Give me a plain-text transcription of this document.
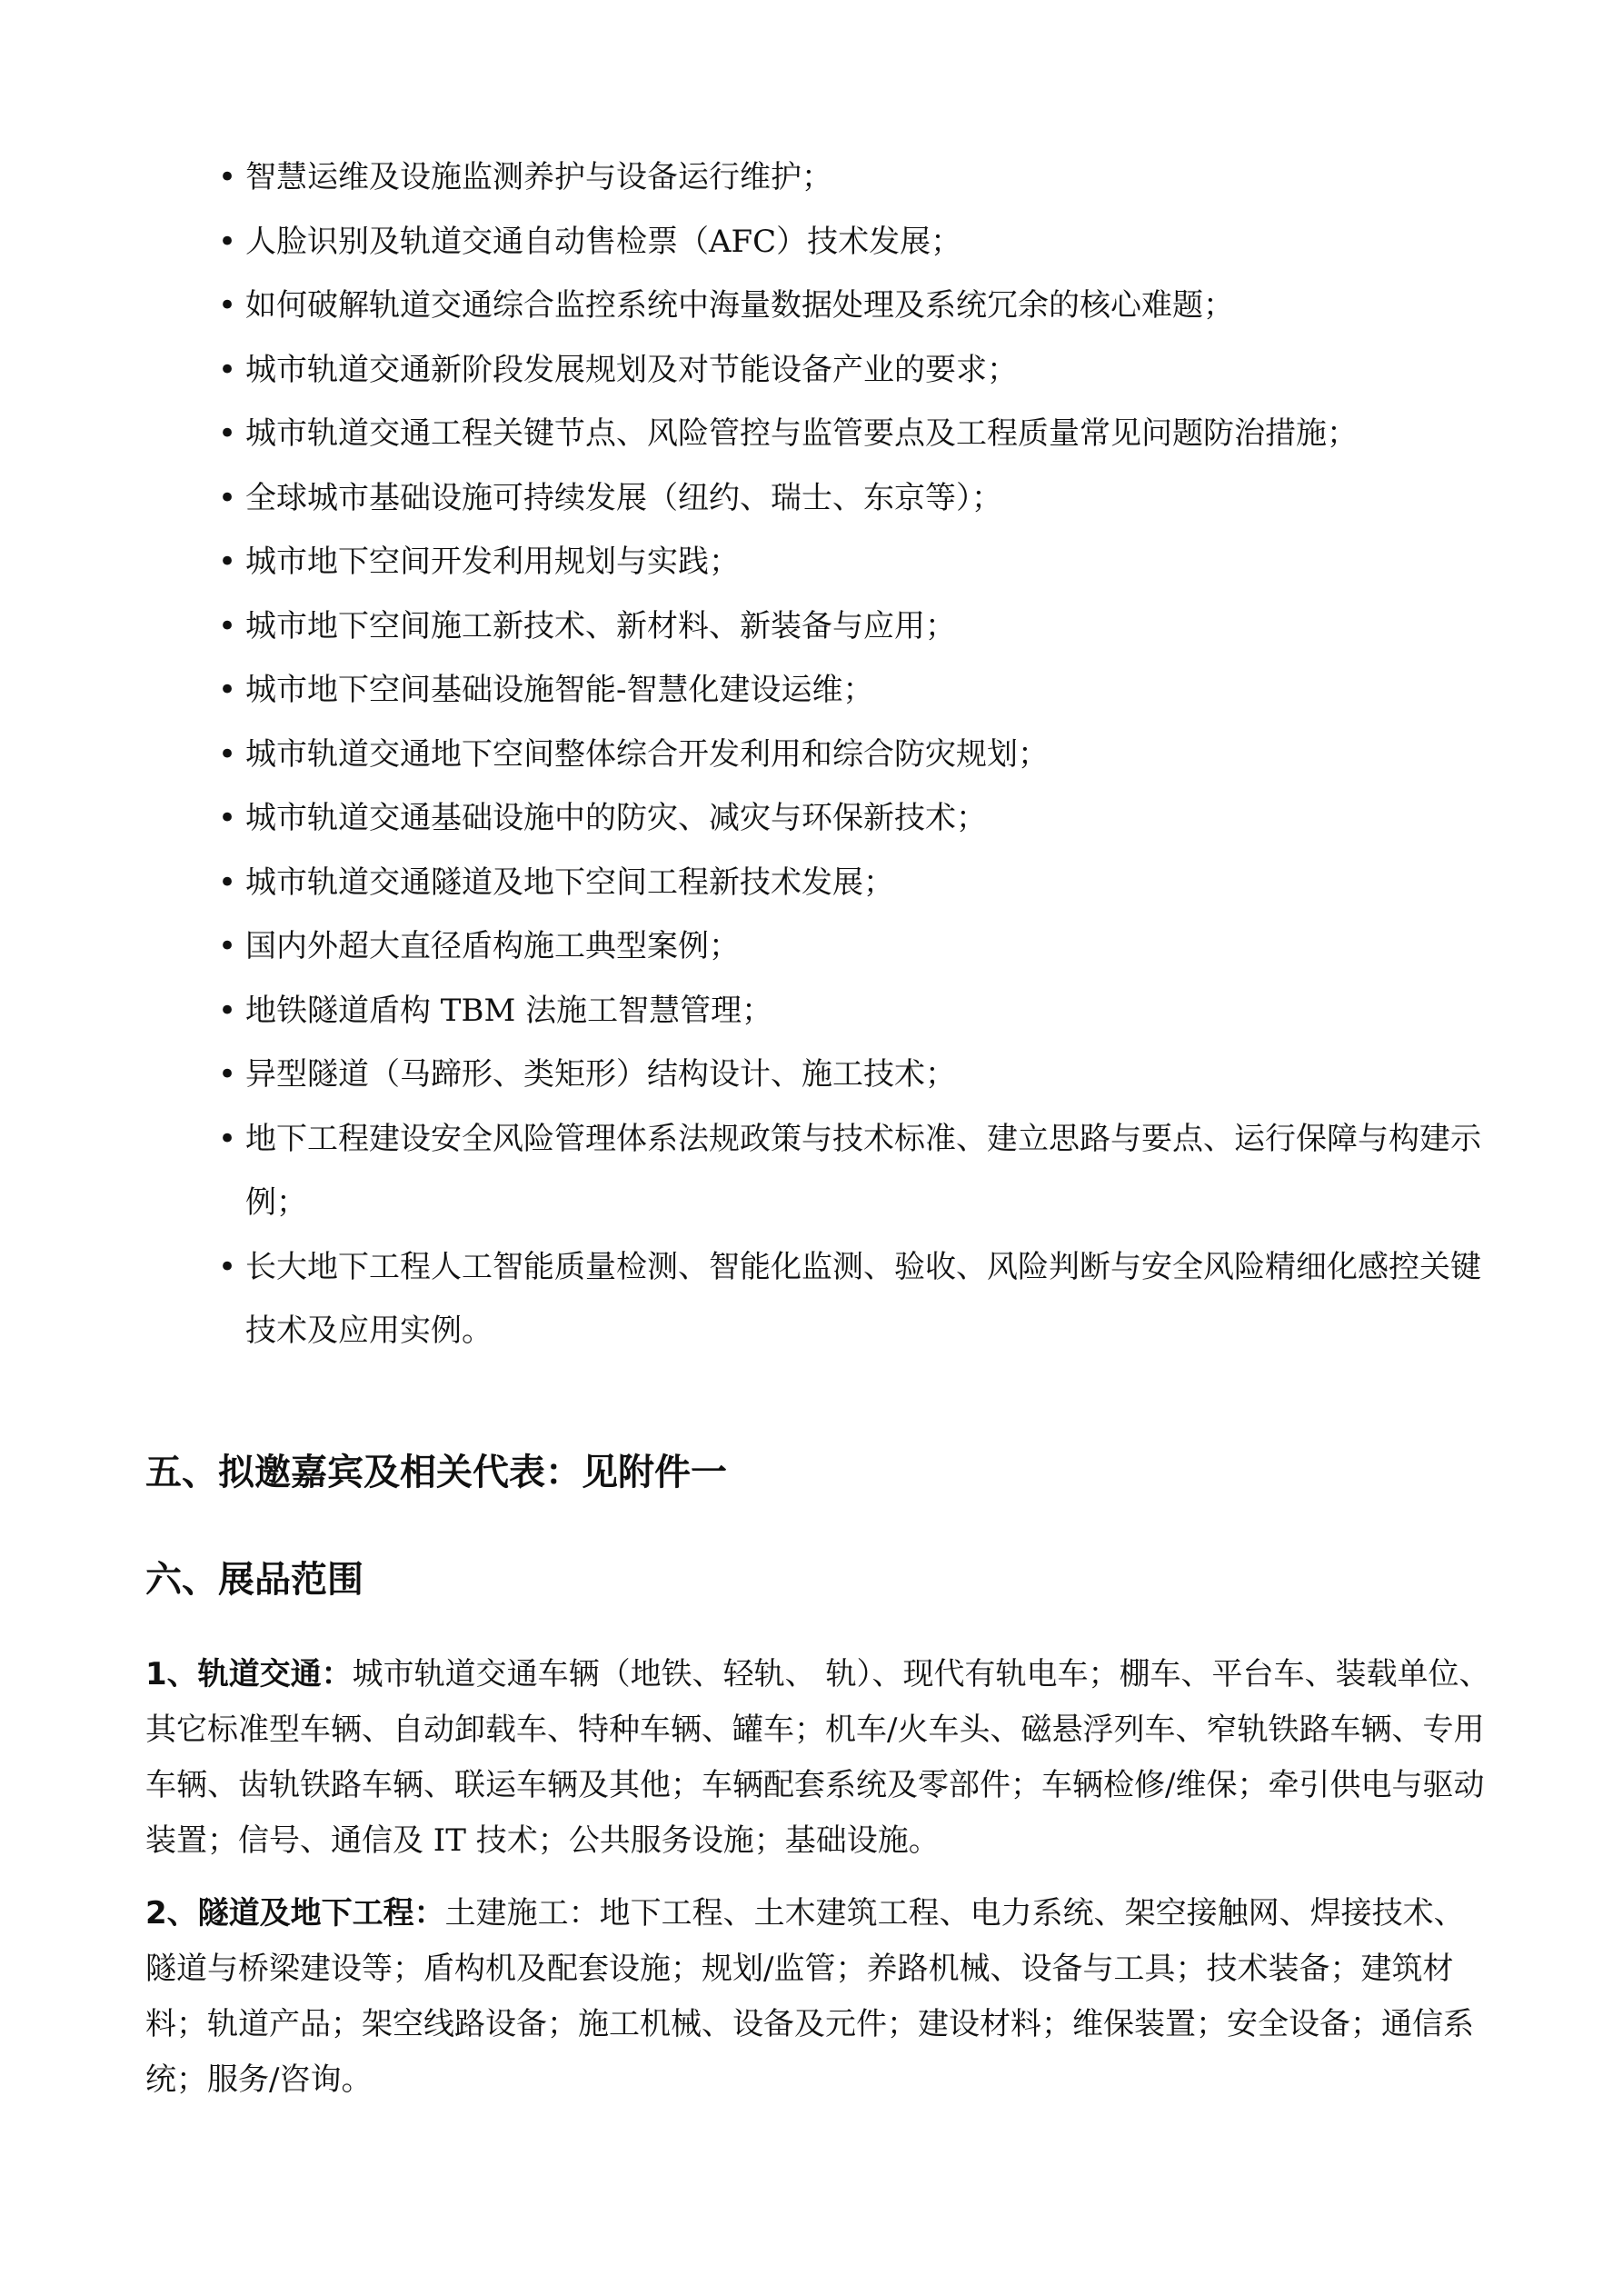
• 智慧运维及设施监测养护与设备运行维护；
• 人脸识别及轨道交通自动售检票（AFC）技术发展；
• 如何破解轨道交通综合监控系统中海量数据处理及系统冗余的核心难题；
• 城市轨道交通新阶段发展规划及对节能设备产业的要求；
• 城市轨道交通工程关键节点、风险管控与监管要点及工程质量常见问题防治措施；
• 全球城市基础设施可持续发展（纽约、瑞士、东京等）；
• 城市地下空间开发利用规划与实践；
• 城市地下空间施工新技术、新材料、新装备与应用；
• 城市地下空间基础设施智能-智慧化建设运维；
• 城市轨道交通地下空间整体综合开发利用和综合防灾规划；
• 城市轨道交通基础设施中的防灾、减灾与环保新技术；
• 城市轨道交通隧道及地下空间工程新技术发展；
• 国内外超大直径盾构施工典型案例；
• 地铁隧道盾构 TBM 法施工智慧管理；
• 异型隧道（马蹄形、类矩形）结构设计、施工技术；
• 地下工程建设安全风险管理体系法规政策与技术标准、建立思路与要点、运行保障与构建示例；
• 长大地下工程人工智能质量检测、智能化监测、验收、风险判断与安全风险精细化感控关键技术及应用实例。
五、拟邀嘉宾及相关代表：见附件一
六、展品范围
1、轨道交通：城市轨道交通车辆（地铁、轻轨、 轨）、现代有轨电车；棚车、平台车、装载单位、其它标准型车辆、自动卸载车、特种车辆、罐车；机车/火车头、磁悬浮列车、窄轨铁路车辆、专用车辆、齿轨铁路车辆、联运车辆及其他；车辆配套系统及零部件；车辆检修/维保；牵引供电与驱动装置；信号、通信及 IT 技术；公共服务设施；基础设施。
2、隧道及地下工程：土建施工：地下工程、土木建筑工程、电力系统、架空接触网、焊接技术、隧道与桥梁建设等；盾构机及配套设施；规划/监管；养路机械、设备与工具；技术装备；建筑材料；轨道产品；架空线路设备；施工机械、设备及元件；建设材料；维保装置；安全设备；通信系统；服务/咨询。
